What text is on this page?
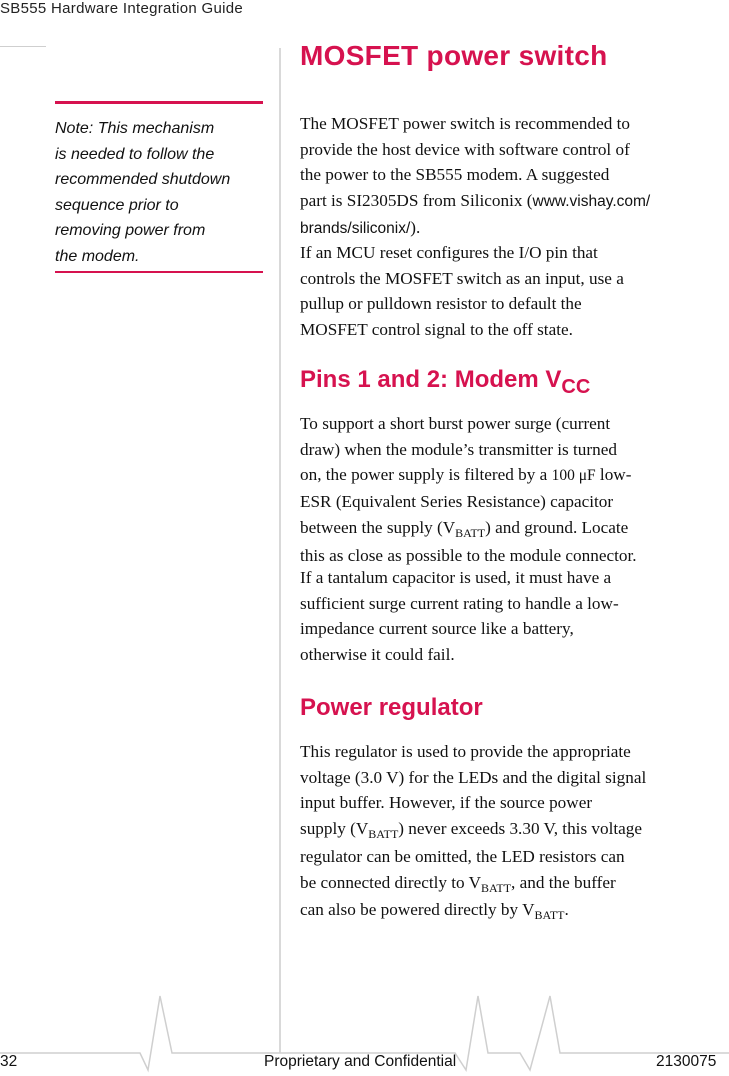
SB555 Hardware Integration Guide
Note: This mechanism
is needed to follow the
recommended shutdown
sequence prior to
removing power from
the modem.
MOSFET power switch
The MOSFET power switch is recommended to
provide the host device with software control of
the power to the SB555 modem. A suggested
part is SI2305DS from Siliconix (www.vishay.com/
brands/siliconix/).
If an MCU reset configures the I/O pin that
controls the MOSFET switch as an input, use a
pullup or pulldown resistor to default the
MOSFET control signal to the off state.
Pins 1 and 2: Modem $V_{CC}$
To support a short burst power surge (current
draw) when the module’s transmitter is turned
on, the power supply is filtered by a 100 μF low-
ESR (Equivalent Series Resistance) capacitor
between the supply $(V_{BATT})$ and ground. Locate
this as close as possible to the module connector.
If a tantalum capacitor is used, it must have a
sufficient surge current rating to handle a low-
impedance current source like a battery,
otherwise it could fail.
Power regulator
This regulator is used to provide the appropriate
voltage (3.0 V) for the LEDs and the digital signal
input buffer. However, if the source power
supply $(V_{BATT})$ never exceeds 3.30 V, this voltage
regulator can be omitted, the LED resistors can
be connected directly to $V_{BATT}$, and the buffer
can also be powered directly by $V_{BATT}$.
32	Proprietary and Confidential	2130075
